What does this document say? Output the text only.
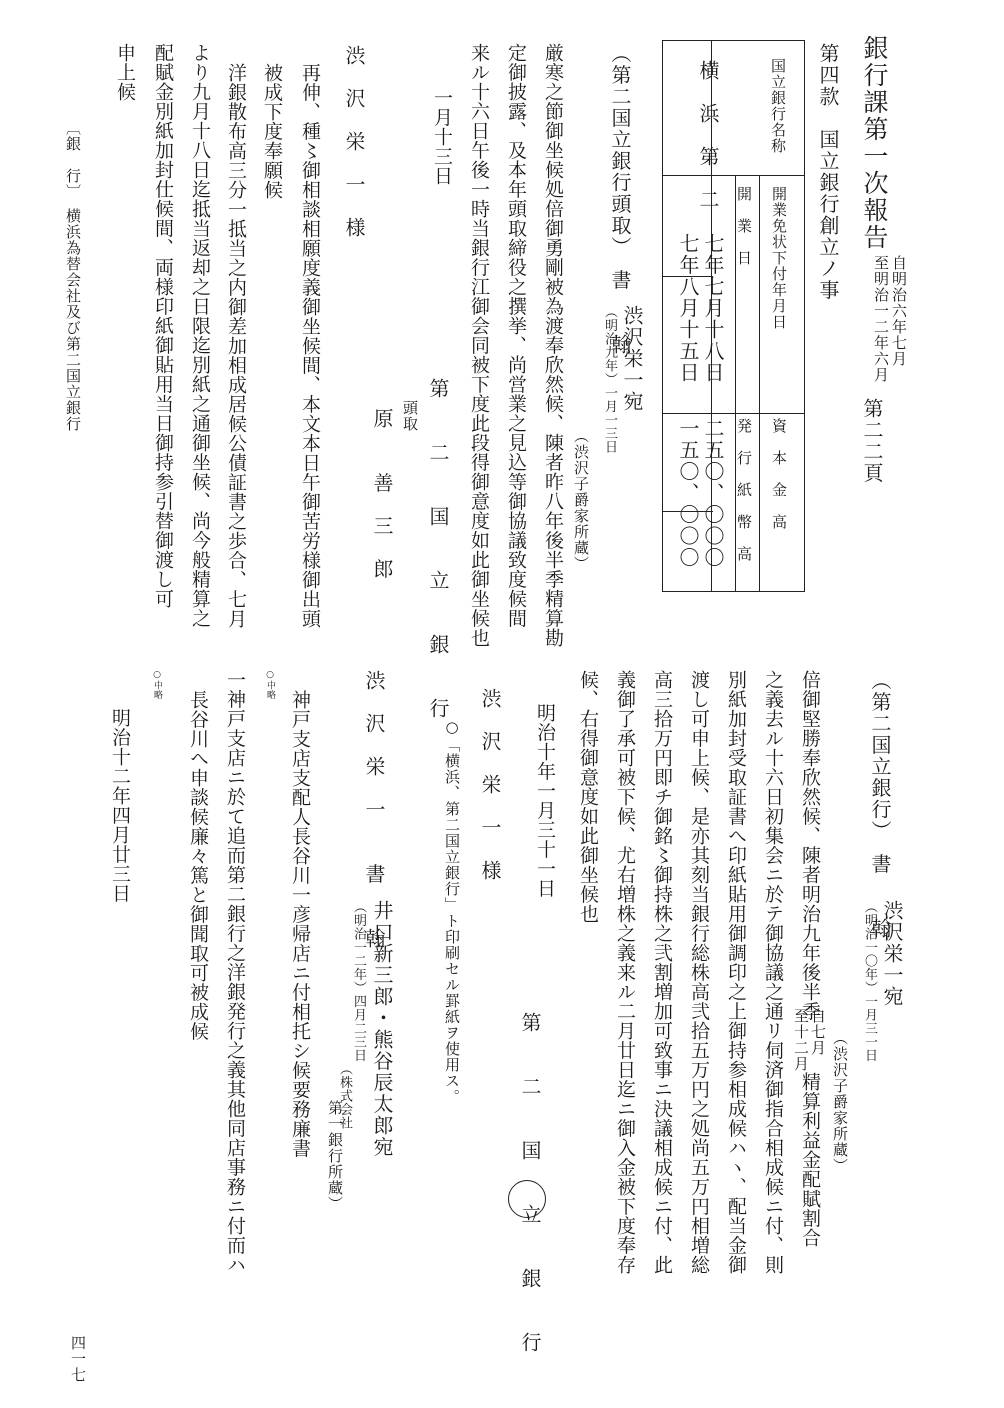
銀行課第一次報告
自明治六年七月
至明治一二年六月
第二二頁
第四款　国立銀行創立ノ事
国立銀行名称
横　浜　第　二
開業免状下付年月日
開　業　日
七年七月十八日
七年八月十五日
資　本　金　高
発　行　紙　幣　高
二五〇、〇〇〇
一五〇、〇〇〇
（第二国立銀行頭取）　書　　翰
渋沢栄一宛
（明治九年）一月一三日
（渋沢子爵家所蔵）
厳寒之節御坐候処倍御勇剛被為渡奉欣然候、陳者昨八年後半季精算勘
定御披露、及本年頭取締役之撰挙、尚営業之見込等御協議致度候間
来ル十六日午後一時当銀行江御会同被下度此段得御意度如此御坐候也
一月十三日
第　二　国　立　銀　行
頭取
原　　善　三　郎
渋　沢　栄　一　様
再伸、種〻御相談相願度義御坐候間、本文本日午御苦労様御出頭
被成下度奉願候
洋銀散布高三分一抵当之内御差加相成居候公債証書之歩合、七月
より九月十八日迄抵当返却之日限迄別紙之通御坐候、尚今般精算之
配賦金別紙加封仕候間、両様印紙御貼用当日御持参引替御渡し可
申上候
〔銀　行〕
横浜為替会社及び第二国立銀行
（第二国立銀行）　書　　翰
渋沢栄一宛
（明治一〇年）一月三一日
（渋沢子爵家所蔵）
倍御堅勝奉欣然候、陳者明治九年後半季
自七月
至十二月
精算利益金配賦割合
之義去ル十六日初集会ニ於テ御協議之通リ伺済御指合相成候ニ付、則
別紙加封受取証書へ印紙貼用御調印之上御持参相成候ハヽ、配当金御
渡し可申上候、是亦其刻当銀行総株高弐拾五万円之処尚五万円相増総
高三拾万円即チ御銘〻御持株之弐割増加可致事ニ決議相成候ニ付、此
義御了承可被下候、尤右増株之義来ル二月廿日迄ニ御入金被下度奉存
候、右得御意度如此御坐候也
明治十年一月三十一日
第　二　国　立　銀　行
渋　沢　栄　一　様
○「横浜、第二国立銀行」ト印刷セル罫紙ヲ使用ス。
渋　沢　栄　一　　書　　翰
井口新三郎・熊谷辰太郎宛
（明治一二年）四月二三日
（株式会社
第一銀行所蔵）
神戸支店支配人長谷川一彦帰店ニ付相托シ候要務廉書
○中略
一神戸支店ニ於て追而第二銀行之洋銀発行之義其他同店事務ニ付而ハ
長谷川へ申談候廉々篤と御聞取可被成候
○中略
明治十二年四月廿三日
四一七
